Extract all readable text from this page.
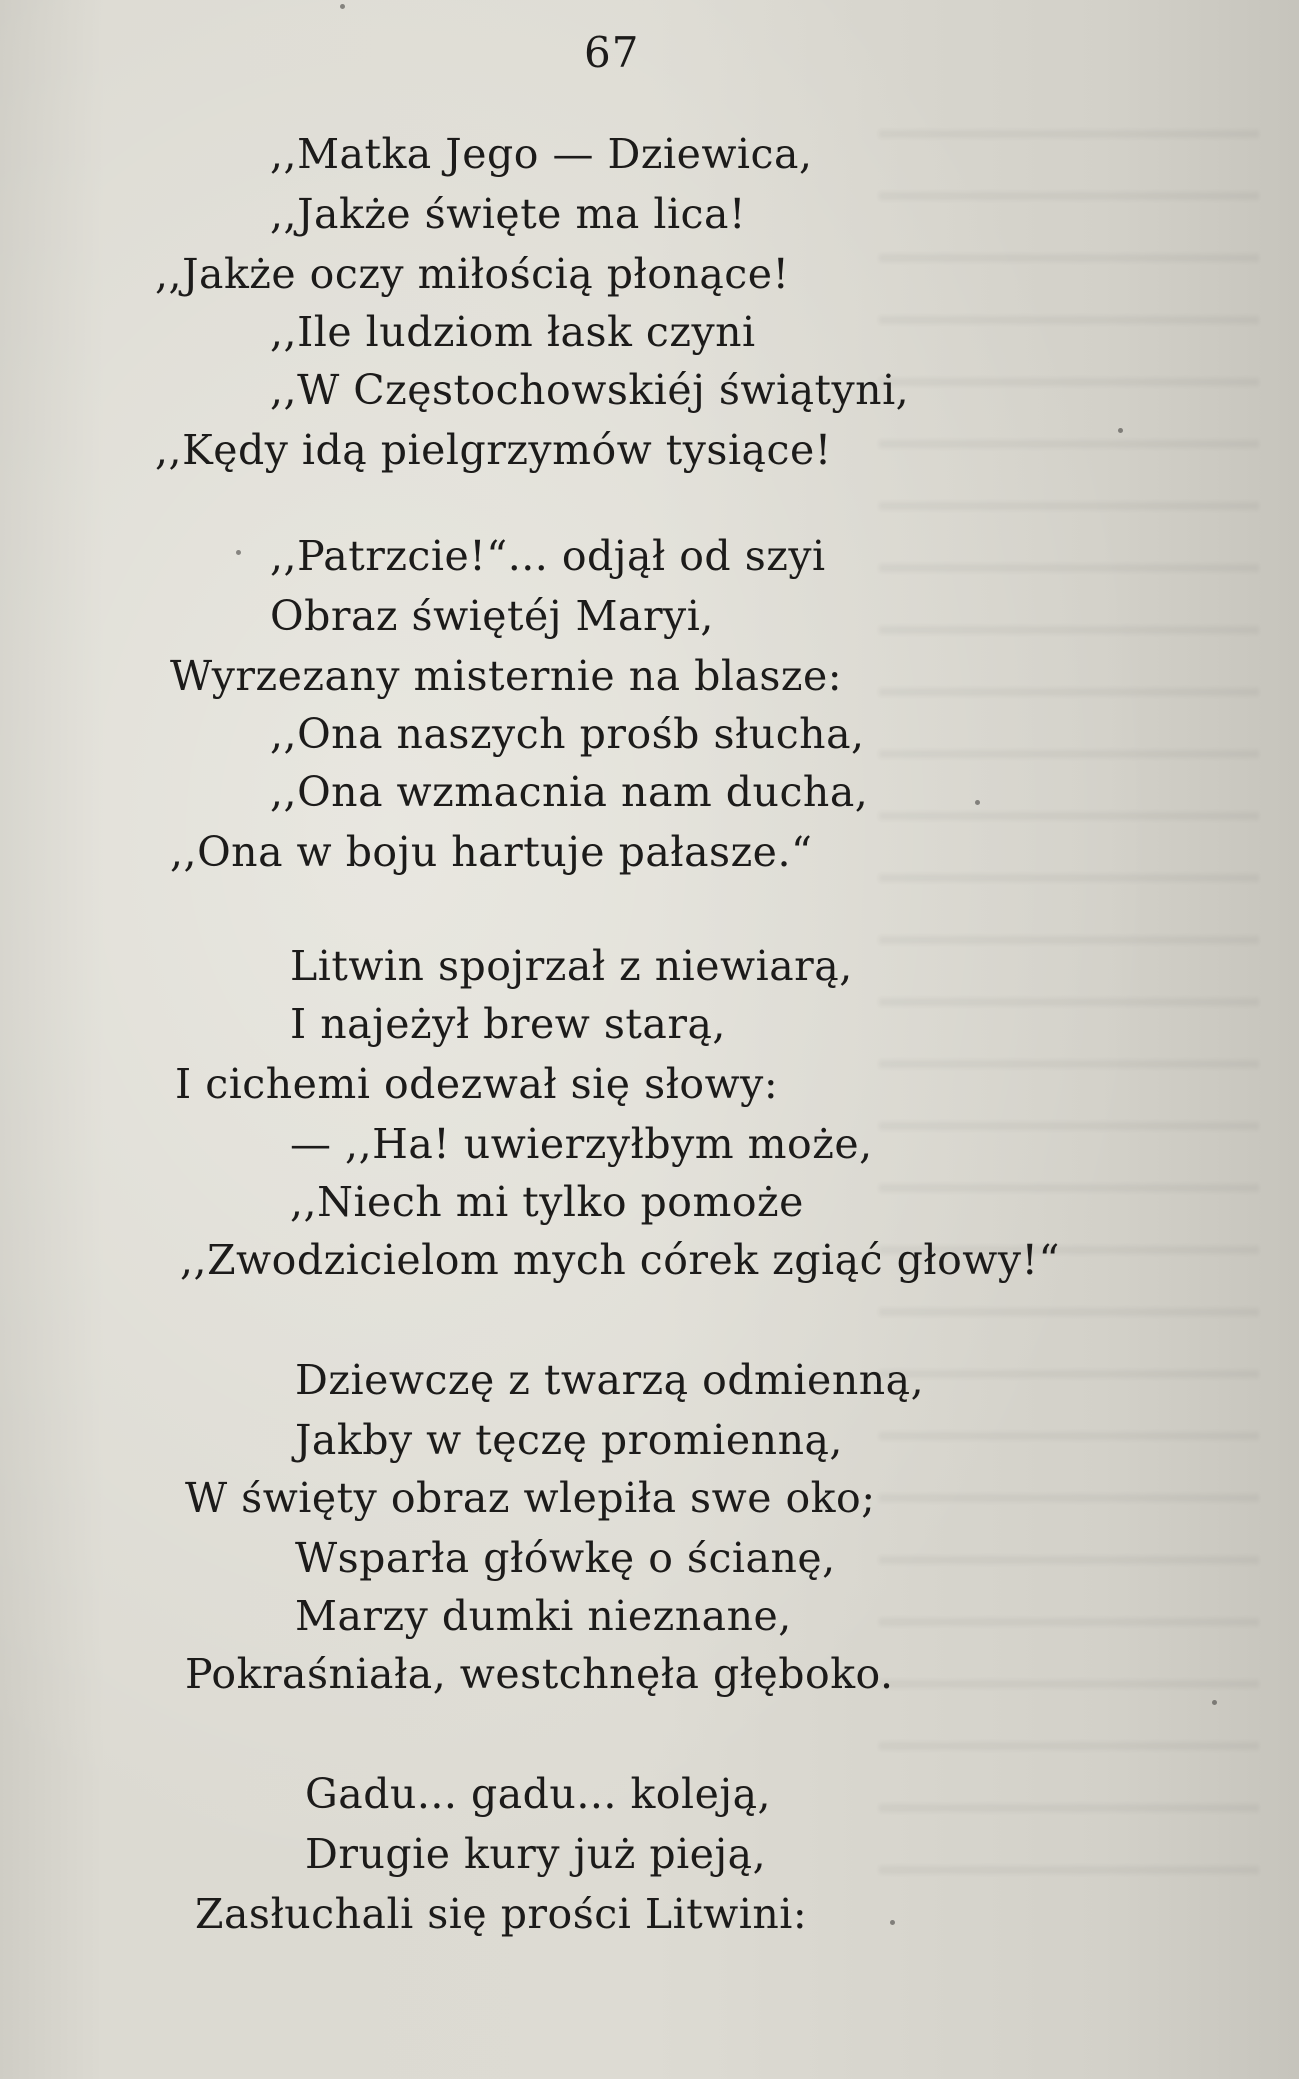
67
,,Matka Jego — Dziewica,
,,Jakże święte ma lica!
,,Jakże oczy miłością płonące!
,,Ile ludziom łask czyni
,,W Częstochowskiéj świątyni,
,,Kędy idą pielgrzymów tysiące!
,,Patrzcie!“... odjął od szyi
Obraz świętéj Maryi,
Wyrzezany misternie na blasze:
,,Ona naszych prośb słucha,
,,Ona wzmacnia nam ducha,
,,Ona w boju hartuje pałasze.“
Litwin spojrzał z niewiarą,
I najeżył brew starą,
I cichemi odezwał się słowy:
— ,,Ha! uwierzyłbym może,
,,Niech mi tylko pomoże
,,Zwodzicielom mych córek zgiąć głowy!“
Dziewczę z twarzą odmienną,
Jakby w tęczę promienną,
W święty obraz wlepiła swe oko;
Wsparła główkę o ścianę,
Marzy dumki nieznane,
Pokraśniała, westchnęła głęboko.
Gadu... gadu... koleją,
Drugie kury już pieją,
Zasłuchali się prości Litwini:
